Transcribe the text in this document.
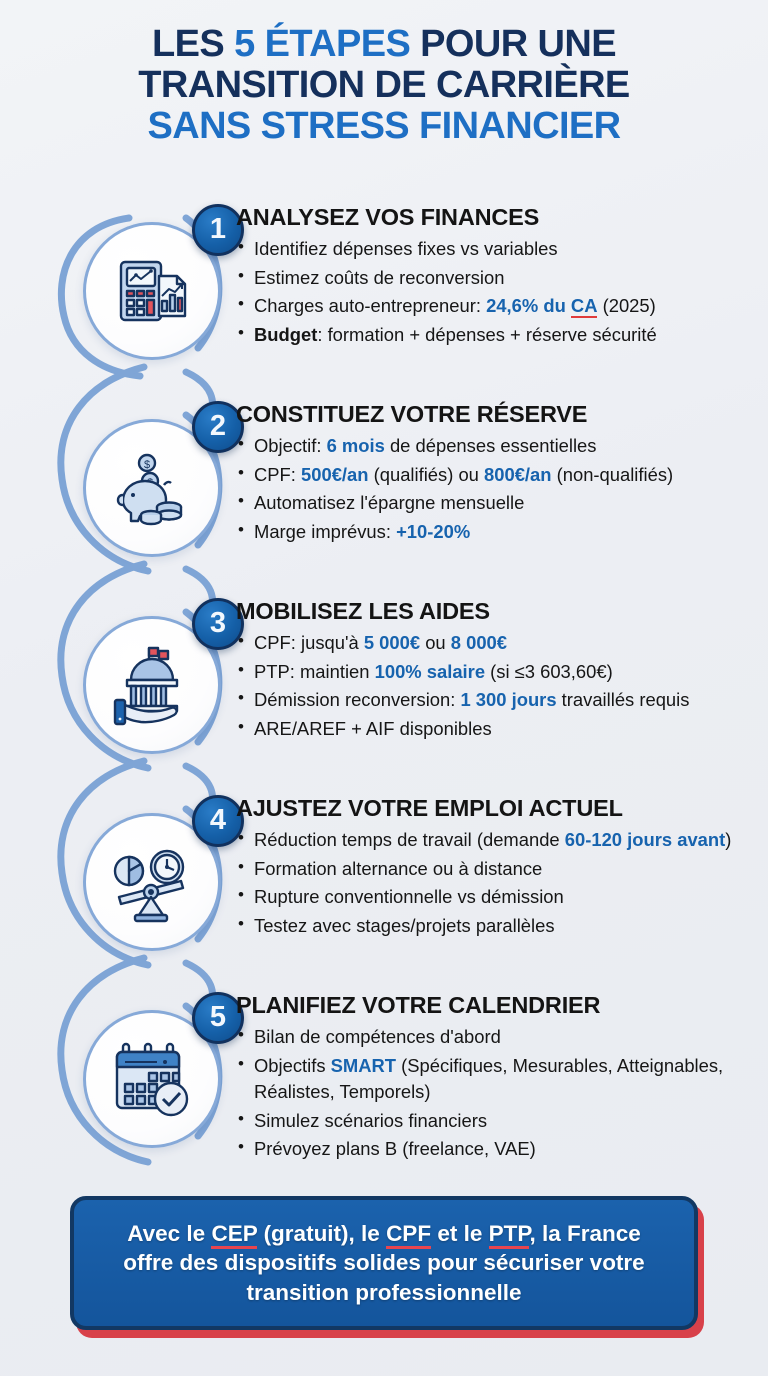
LES 5 ÉTAPES POUR UNE
TRANSITION DE CARRIÈRE
SANS STRESS FINANCIER
1 ANALYSEZ VOS FINANCES
• Identifiez dépenses fixes vs variables
• Estimez coûts de reconversion
• Charges auto-entrepreneur: 24,6% du CA (2025)
• Budget: formation + dépenses + réserve sécurité
$
2 CONSTITUEZ VOTRE RÉSERVE
• Objectif: 6 mois de dépenses essentielles
• CPF: 500€/an (qualifiés) ou 800€/an (non-qualifiés)
• Automatisez l'épargne mensuelle
• Marge imprévus: +10-20%
3 MOBILISEZ LES AIDES
• CPF: jusqu'à 5 000€ ou 8 000€
• PTP: maintien 100% salaire (si ≤3 603,60€)
• Démission reconversion: 1 300 jours travaillés requis
• ARE/AREF + AIF disponibles
4 AJUSTEZ VOTRE EMPLOI ACTUEL
• Réduction temps de travail (demande 60-120 jours avant)
• Formation alternance ou à distance
• Rupture conventionnelle vs démission
• Testez avec stages/projets parallèles
5 PLANIFIEZ VOTRE CALENDRIER
• Bilan de compétences d'abord
• Objectifs SMART (Spécifiques, Mesurables, Atteignables, Réalistes, Temporels)
• Simulez scénarios financiers
• Prévoyez plans B (freelance, VAE)

Avec le CEP (gratuit), le CPF et le PTP, la France offre des dispositifs solides pour sécuriser votre transition professionnelle
